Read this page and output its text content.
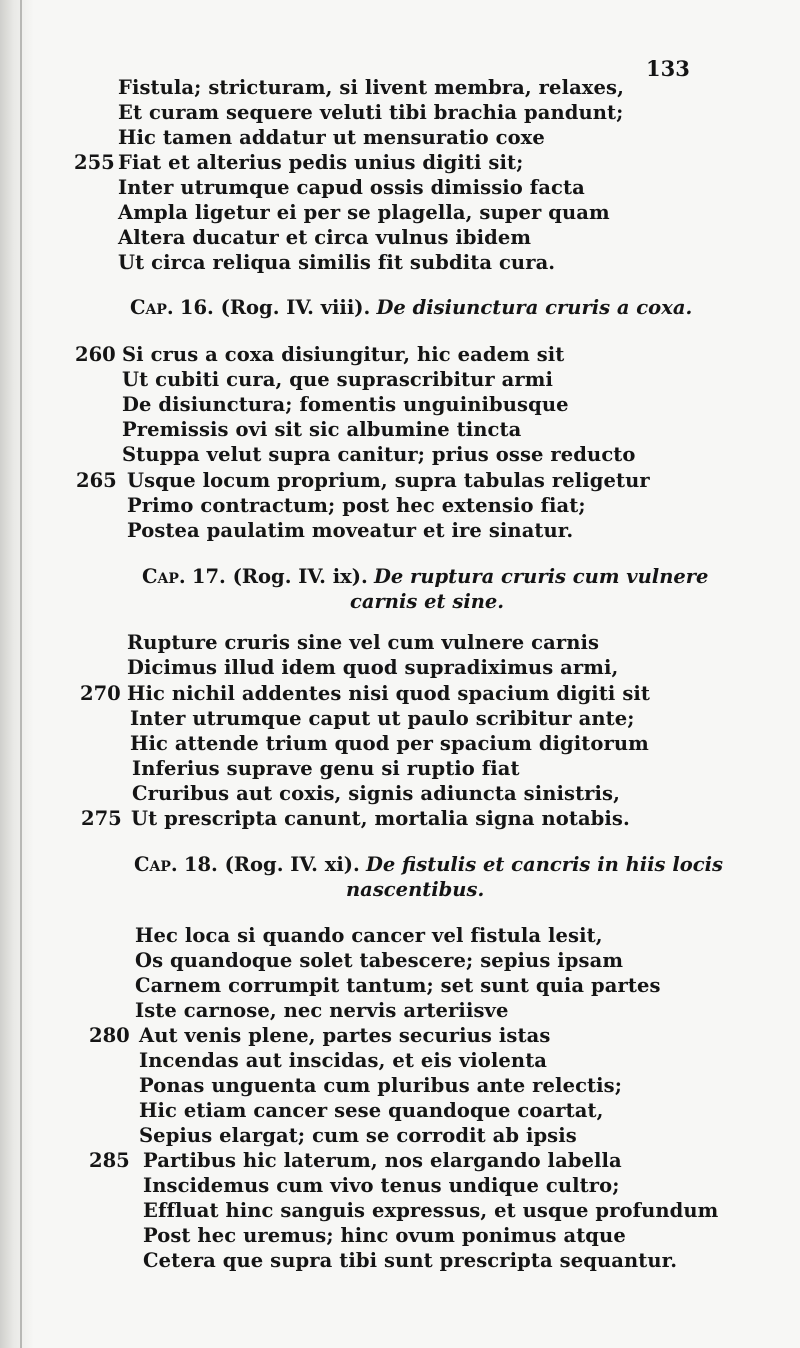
133
Fistula; stricturam, si livent membra, relaxes,
Et curam sequere veluti tibi brachia pandunt;
Hic tamen addatur ut mensuratio coxe
255 Fiat et alterius pedis unius digiti sit;
Inter utrumque capud ossis dimissio facta
Ampla ligetur ei per se plagella, super quam
Altera ducatur et circa vulnus ibidem
Ut circa reliqua similis fit subdita cura.
Cap. 16. (Rog. IV. viii). De disiunctura cruris a coxa.
260 Si crus a coxa disiungitur, hic eadem sit
Ut cubiti cura, que suprascribitur armi
De disiunctura; fomentis unguinibusque
Premissis ovi sit sic albumine tincta
Stuppa velut supra canitur; prius osse reducto
265 Usque locum proprium, supra tabulas religetur
Primo contractum; post hec extensio fiat;
Postea paulatim moveatur et ire sinatur.
Cap. 17. (Rog. IV. ix). De ruptura cruris cum vulnere
carnis et sine.
Rupture cruris sine vel cum vulnere carnis
Dicimus illud idem quod supradiximus armi,
270 Hic nichil addentes nisi quod spacium digiti sit
Inter utrumque caput ut paulo scribitur ante;
Hic attende trium quod per spacium digitorum
Inferius suprave genu si ruptio fiat
Cruribus aut coxis, signis adiuncta sinistris,
275 Ut prescripta canunt, mortalia signa notabis.
Cap. 18. (Rog. IV. xi). De fistulis et cancris in hiis locis
nascentibus.
Hec loca si quando cancer vel fistula lesit,
Os quandoque solet tabescere; sepius ipsam
Carnem corrumpit tantum; set sunt quia partes
Iste carnose, nec nervis arteriisve
280 Aut venis plene, partes securius istas
Incendas aut inscidas, et eis violenta
Ponas unguenta cum pluribus ante relectis;
Hic etiam cancer sese quandoque coartat,
Sepius elargat; cum se corrodit ab ipsis
285 Partibus hic laterum, nos elargando labella
Inscidemus cum vivo tenus undique cultro;
Effluat hinc sanguis expressus, et usque profundum
Post hec uremus; hinc ovum ponimus atque
Cetera que supra tibi sunt prescripta sequantur.
